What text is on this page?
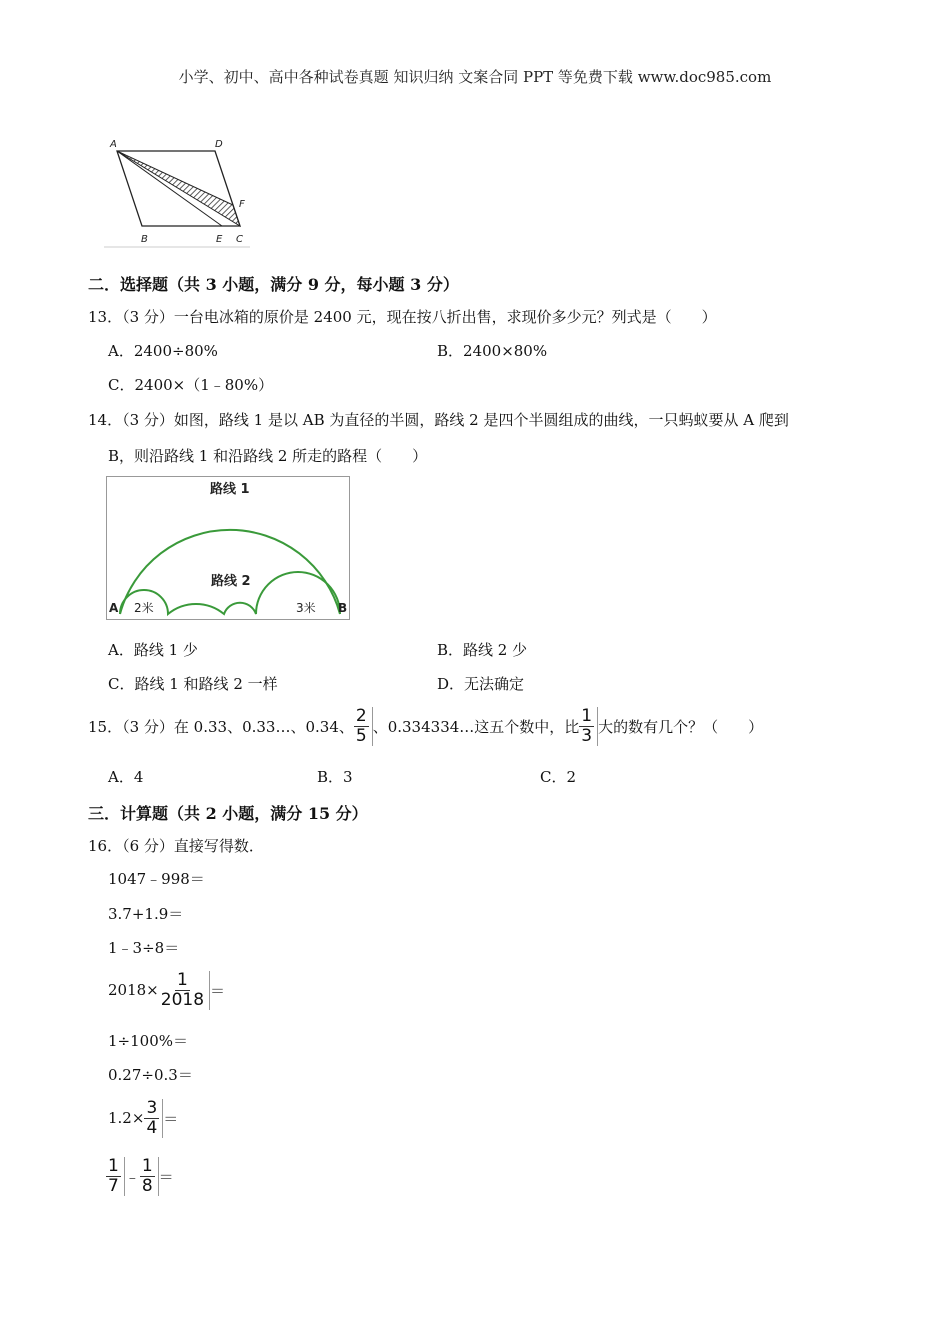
小学、初中、高中各种试卷真题 知识归纳 文案合同 PPT 等免费下载 www.doc985.com
A	D
F
B	E C
二．选择题（共 3 小题，满分 9 分，每小题 3 分）
13．（3 分）一台电冰箱的原价是 2400 元，现在按八折出售，求现价多少元？列式是（　　）
A．2400÷80%	B．2400×80%
C．2400×（1﹣80%）
14．（3 分）如图，路线 1 是以 AB 为直径的半圆，路线 2 是四个半圆组成的曲线，一只蚂蚁要从 A 爬到
B，则沿路线 1 和沿路线 2 所走的路程（　　）
路线 1
路线 2
A	B
2米	3米
A．路线 1 少	B．路线 2 少
C．路线 1 和路线 2 一样	D．无法确定
15．（3 分）在 0.33、0.33…、0.34、 $\frac{2}{5}$ 、0.334334…这五个数中，比 $\frac{1}{3}$ 大的数有几个？（　　）
A．4	B．3	C．2
三．计算题（共 2 小题，满分 15 分）
16．（6 分）直接写得数．
1047﹣998＝
3.7+1.9＝
1﹣3÷8＝
$2018\times \frac{1}{2018}$ ＝
1÷100%＝
0.27÷0.3＝
$1.2\times \frac{3}{4}$ ＝
$\frac{1}{7}$ ﹣ $\frac{1}{8}$ ＝
